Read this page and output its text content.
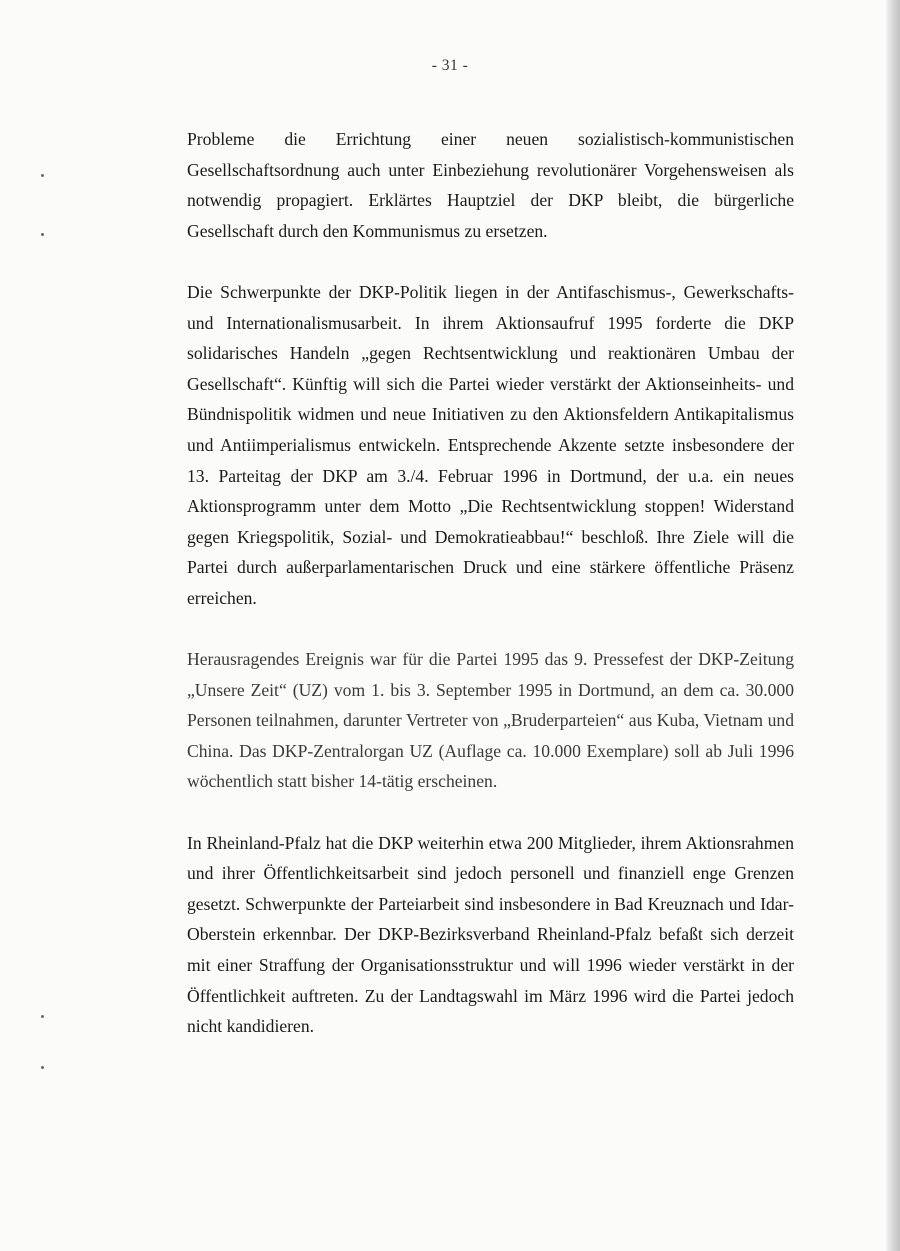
- 31 -

Probleme die Errichtung einer neuen sozialistisch-kommunistischen Gesellschaftsordnung auch unter Einbeziehung revolutionärer Vorgehensweisen als notwendig propagiert. Erklärtes Hauptziel der DKP bleibt, die bürgerliche Gesellschaft durch den Kommunismus zu ersetzen.

Die Schwerpunkte der DKP-Politik liegen in der Antifaschismus-, Gewerkschafts- und Internationalismusarbeit. In ihrem Aktionsaufruf 1995 forderte die DKP solidarisches Handeln „gegen Rechtsentwicklung und reaktionären Umbau der Gesellschaft“. Künftig will sich die Partei wieder verstärkt der Aktionseinheits- und Bündnispolitik widmen und neue Initiativen zu den Aktionsfeldern Antikapitalismus und Antiimperialismus entwickeln. Entsprechende Akzente setzte insbesondere der 13. Parteitag der DKP am 3./4. Februar 1996 in Dortmund, der u.a. ein neues Aktionsprogramm unter dem Motto „Die Rechtsentwicklung stoppen! Widerstand gegen Kriegspolitik, Sozial- und Demokratieabbau!“ beschloß. Ihre Ziele will die Partei durch außerparlamentarischen Druck und eine stärkere öffentliche Präsenz erreichen.

Herausragendes Ereignis war für die Partei 1995 das 9. Pressefest der DKP-Zeitung „Unsere Zeit“ (UZ) vom 1. bis 3. September 1995 in Dortmund, an dem ca. 30.000 Personen teilnahmen, darunter Vertreter von „Bruderparteien“ aus Kuba, Vietnam und China. Das DKP-Zentralorgan UZ (Auflage ca. 10.000 Exemplare) soll ab Juli 1996 wöchentlich statt bisher 14-tätig erscheinen.

In Rheinland-Pfalz hat die DKP weiterhin etwa 200 Mitglieder, ihrem Aktionsrahmen und ihrer Öffentlichkeitsarbeit sind jedoch personell und finanziell enge Grenzen gesetzt. Schwerpunkte der Parteiarbeit sind insbesondere in Bad Kreuznach und Idar-Oberstein erkennbar. Der DKP-Bezirksverband Rheinland-Pfalz befaßt sich derzeit mit einer Straffung der Organisationsstruktur und will 1996 wieder verstärkt in der Öffentlichkeit auftreten. Zu der Landtagswahl im März 1996 wird die Partei jedoch nicht kandidieren.
